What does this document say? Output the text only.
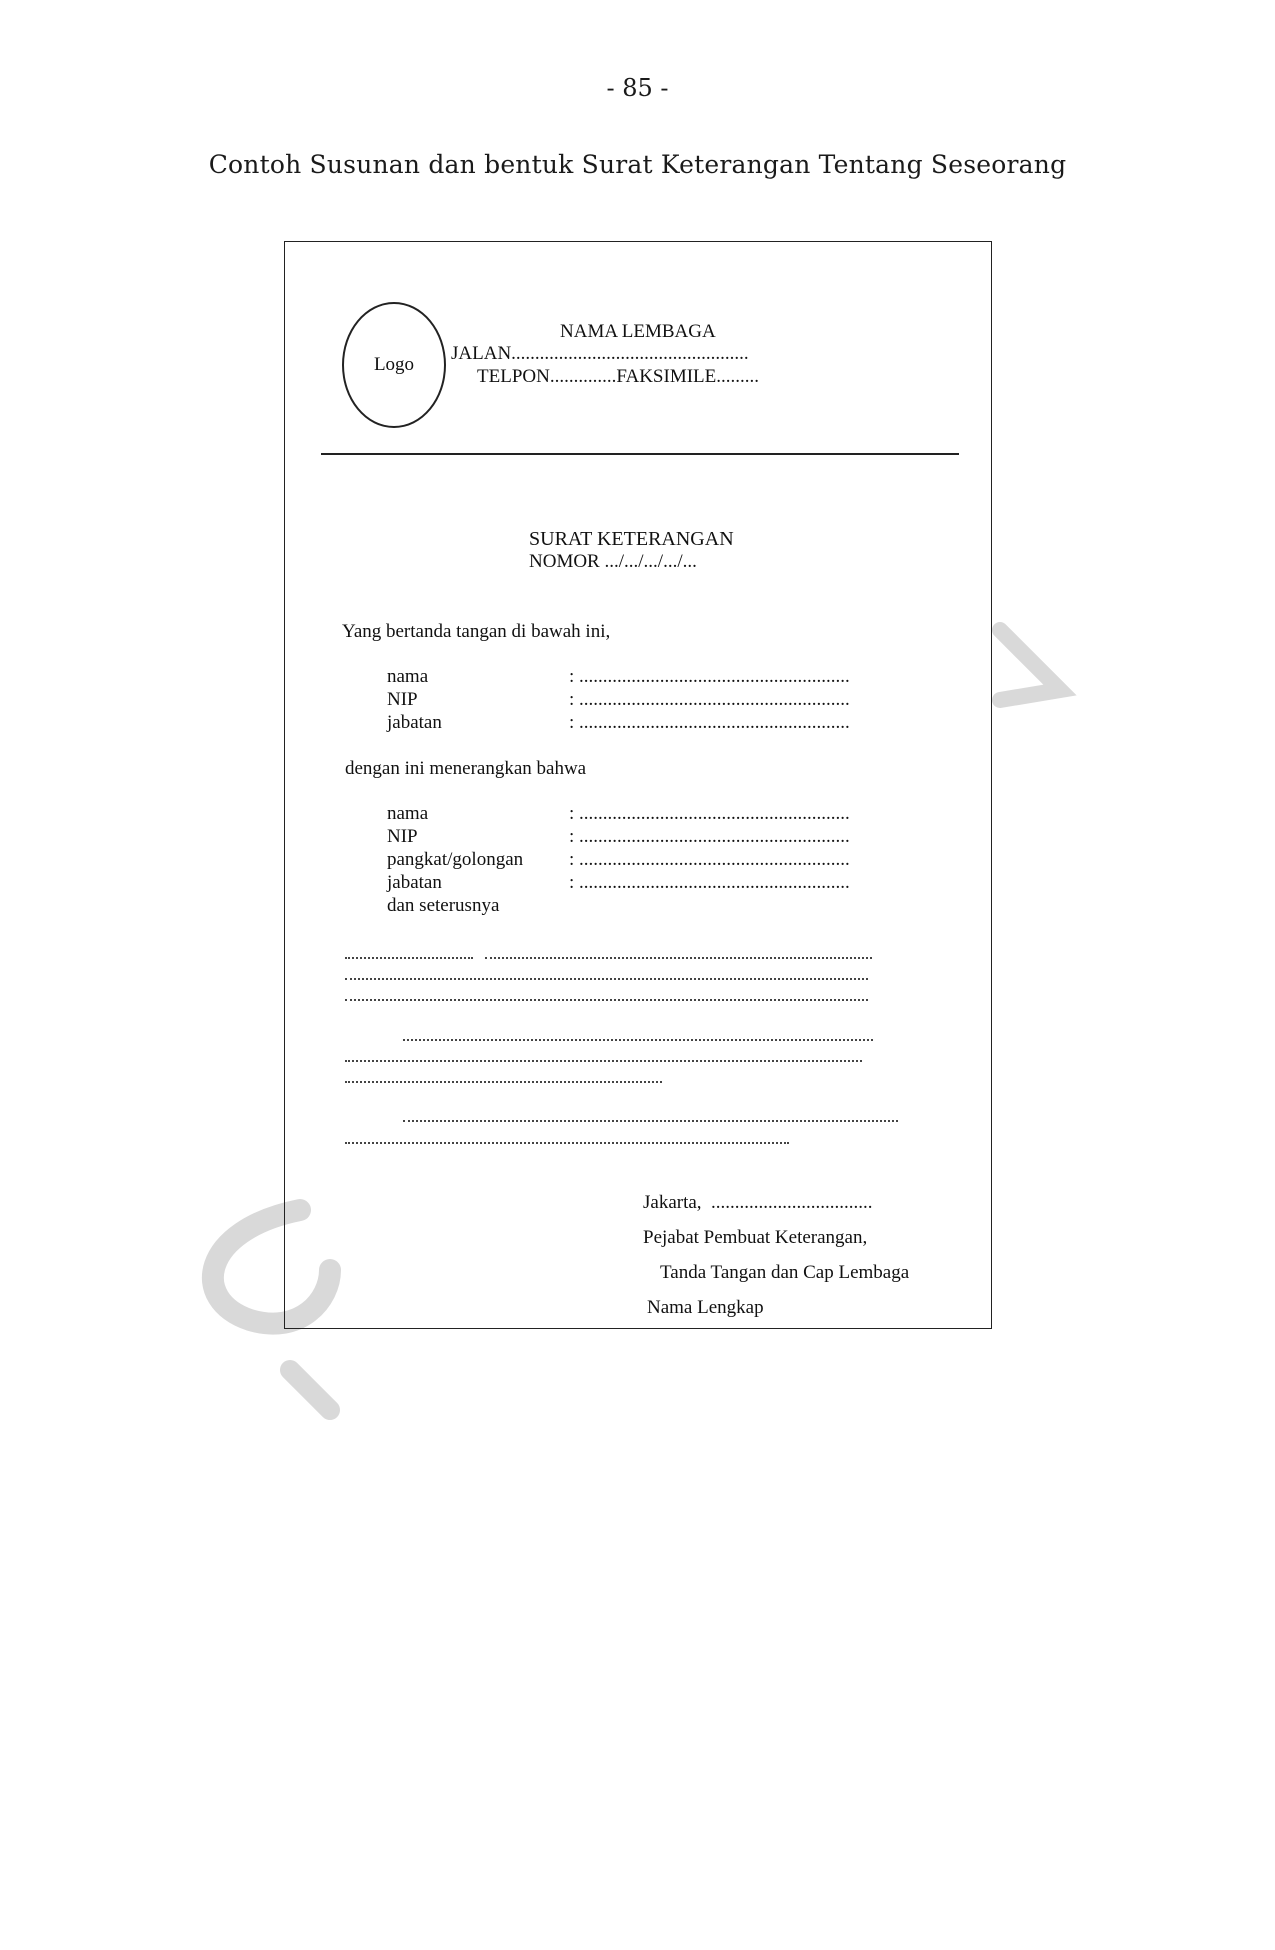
- 85 -
Contoh Susunan dan bentuk Surat Keterangan Tentang Seseorang
Logo
NAMA LEMBAGA
JALAN..................................................
TELPON..............FAKSIMILE.........
SURAT KETERANGAN
NOMOR .../.../.../.../...
Yang bertanda tangan di bawah ini,
nama	: .........................................................
NIP	: .........................................................
jabatan	: .........................................................
dengan ini menerangkan bahwa
nama	: .........................................................
NIP	: .........................................................
pangkat/golongan : .........................................................
jabatan	: .........................................................
dan seterusnya
Jakarta,  ..................................
Pejabat Pembuat Keterangan,
Tanda Tangan dan Cap Lembaga
Nama Lengkap
